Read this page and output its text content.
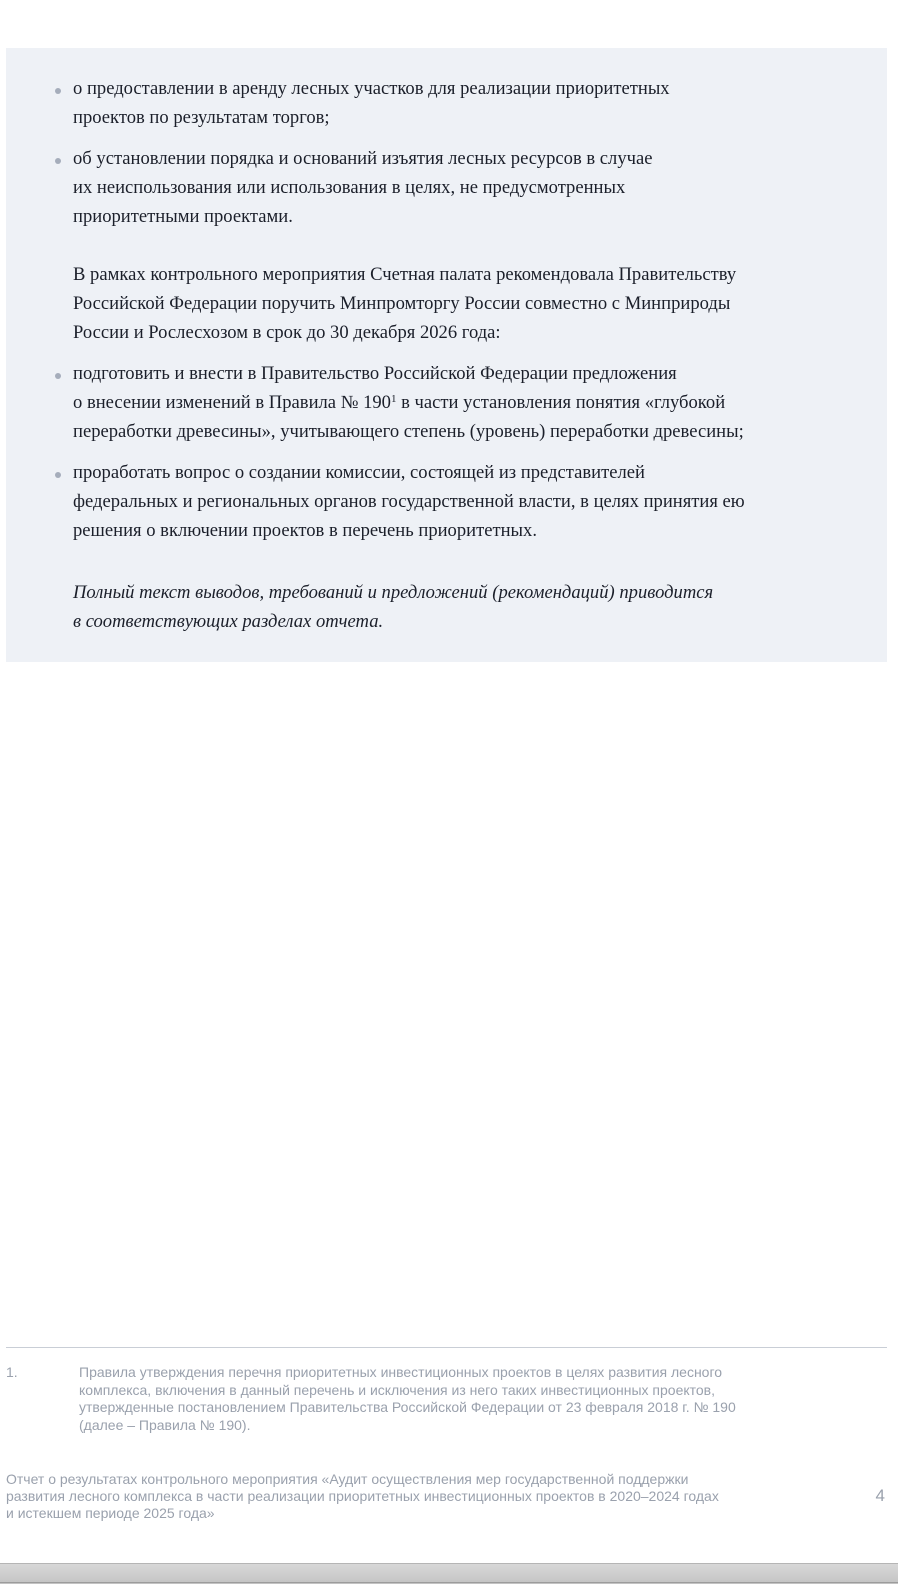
о предоставлении в аренду лесных участков для реализации приоритетных
проектов по результатам торгов;

об установлении порядка и оснований изъятия лесных ресурсов в случае
их неиспользования или использования в целях, не предусмотренных
приоритетными проектами.

В рамках контрольного мероприятия Счетная палата рекомендовала Правительству
Российской Федерации поручить Минпромторгу России совместно с Минприроды
России и Рослесхозом в срок до 30 декабря 2026 года:

подготовить и внести в Правительство Российской Федерации предложения
о внесении изменений в Правила № $190^1$ в части установления понятия «глубокой
переработки древесины», учитывающего степень (уровень) переработки древесины;

проработать вопрос о создании комиссии, состоящей из представителей
федеральных и региональных органов государственной власти, в целях принятия ею
решения о включении проектов в перечень приоритетных.

Полный текст выводов, требований и предложений (рекомендаций) приводится
в соответствующих разделах отчета.

1.	Правила утверждения перечня приоритетных инвестиционных проектов в целях развития лесного
комплекса, включения в данный перечень и исключения из него таких инвестиционных проектов,
утвержденные постановлением Правительства Российской Федерации от 23 февраля 2018 г. № 190
(далее – Правила № 190).

Отчет о результатах контрольного мероприятия «Аудит осуществления мер государственной поддержки
развития лесного комплекса в части реализации приоритетных инвестиционных проектов в 2020–2024 годах
и истекшем периоде 2025 года»

4
